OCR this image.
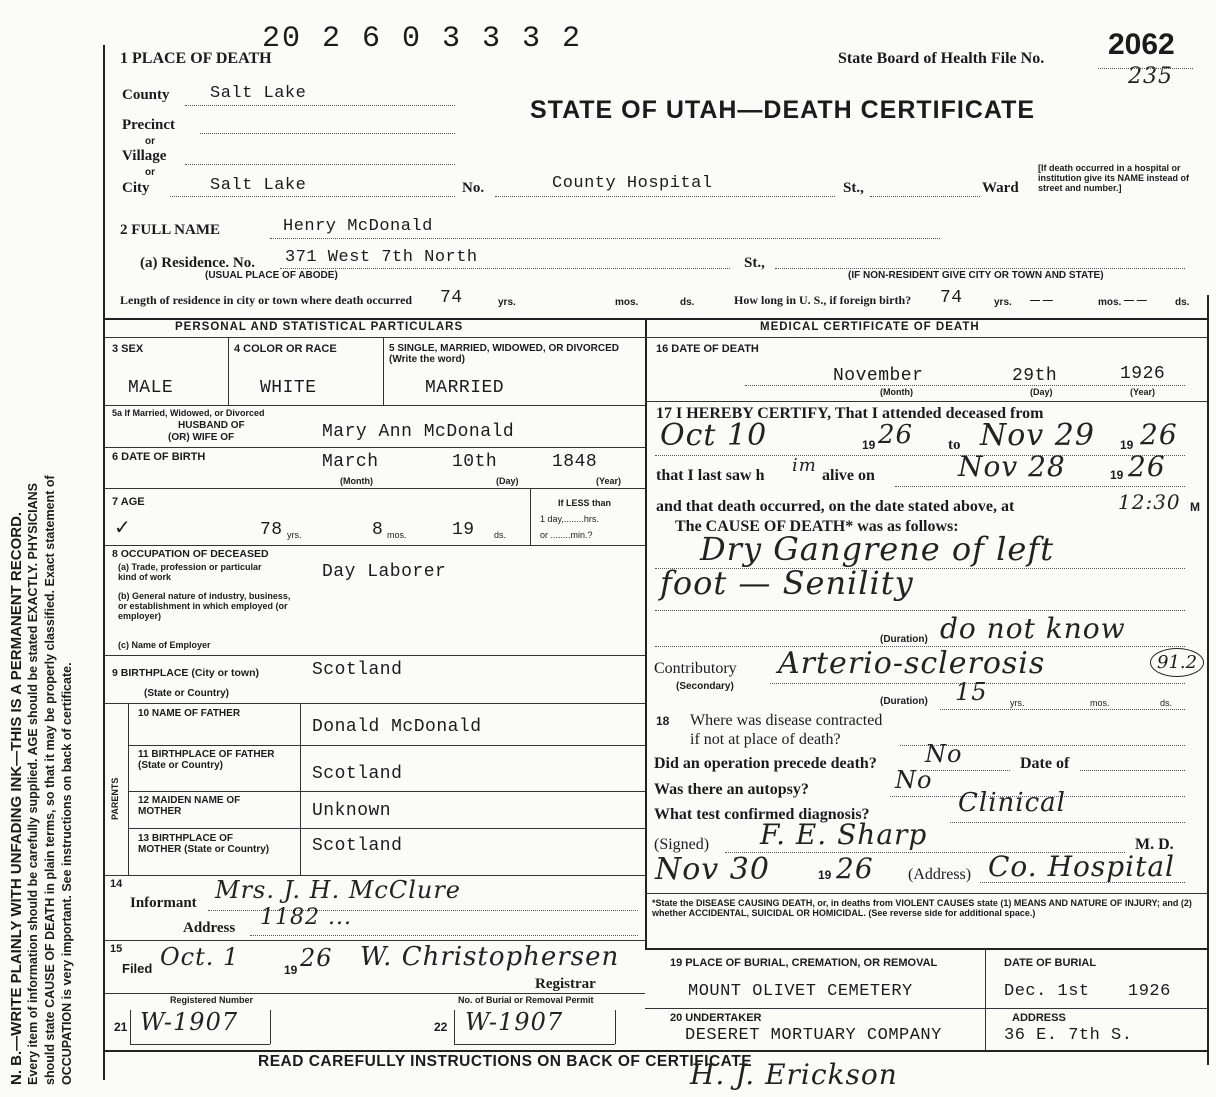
N. B.—WRITE PLAINLY WITH UNFADING INK—THIS IS A PERMANENT RECORD. Every item of information should be carefully supplied. AGE should be stated EXACTLY. PHYSICIANS should state CAUSE OF DEATH in plain terms, so that it may be properly classified. Exact statement of OCCUPATION is very important. See instructions on back of certificate.
1 PLACE OF DEATH
20 2 6 0 3 3 3 2
State Board of Health File No. 2062
235
STATE OF UTAH—DEATH CERTIFICATE
County Salt Lake
Precinct
or
Village
or
City	Salt Lake	No.	County Hospital	St.,	Ward
[If death occurred in a hospital or institution give its NAME instead of street and number.]
2 FULL NAME	Henry McDonald
(a) Residence. No. 371 West 7th North	St.,
(USUAL PLACE OF ABODE)	(IF NON-RESIDENT GIVE CITY OR TOWN AND STATE)
Length of residence in city or town where death occurred 74	yrs.	mos.	ds.	How long in U. S., if foreign birth? 74	yrs. — —	mos. — —	ds.
PERSONAL AND STATISTICAL PARTICULARS	MEDICAL CERTIFICATE OF DEATH
3 SEX
MALE
4 COLOR OR RACE
WHITE
5 SINGLE, MARRIED, WIDOWED, OR DIVORCED (Write the word)
MARRIED
5a If Married, Widowed, or Divorced
HUSBAND OF
(OR) WIFE OF	Mary Ann McDonald
6 DATE OF BIRTH	March	10th	1848
(Month)	(Day)	(Year)
7 AGE
✓	78 yrs.	8 mos.	19 ds.
If LESS than
1 day,........hrs.
or ........min.?
8 OCCUPATION OF DECEASED
(a) Trade, profession or particular kind of work	Day Laborer
(b) General nature of industry, business, or establishment in which employed (or employer)
(c) Name of Employer
9 BIRTHPLACE (City or town)	Scotland
(State or Country)
PARENTS
10 NAME OF FATHER
Donald McDonald
11 BIRTHPLACE OF FATHER (State or Country)	Scotland
12 MAIDEN NAME OF MOTHER	Unknown
13 BIRTHPLACE OF MOTHER (State or Country)	Scotland
14
Informant Mrs. J. H. McClure
Address 1182 ...
15
Filed Oct. 1	19 26 W. Christophersen
Registrar
Registered Number	No. of Burial or Removal Permit
21 W-1907	22 W-1907
16 DATE OF DEATH
November	29th	1926
(Month)	(Day)	(Year)
17 I HEREBY CERTIFY, That I attended deceased from
Oct 10	19 26 to Nov 29 19 26
that I last saw h im alive on	Nov 28	19 26
and that death occurred, on the date stated above, at	12:30 M
The CAUSE OF DEATH* was as follows:
Dry Gangrene of left
foot — Senility
(Duration) do not know
Contributory
(Secondary)
Arterio-sclerosis	91.2
(Duration) 15 yrs.	mos.	ds.
18 Where was disease contracted
if not at place of death?
Did an operation precede death? No	Date of
Was there an autopsy?	No
What test confirmed diagnosis?	Clinical
(Signed) F. E. Sharp	M. D.
Nov 30	19 26 (Address) Co. Hospital
*State the DISEASE CAUSING DEATH, or, in deaths from VIOLENT CAUSES state (1) MEANS AND NATURE OF INJURY; and (2) whether ACCIDENTAL, SUICIDAL OR HOMICIDAL. (See reverse side for additional space.)
19 PLACE OF BURIAL, CREMATION, OR REMOVAL	DATE OF BURIAL
MOUNT OLIVET CEMETERY	Dec. 1st 1926
20 UNDERTAKER	ADDRESS
DESERET MORTUARY COMPANY	36 E. 7th S.
READ CAREFULLY INSTRUCTIONS ON BACK OF CERTIFICATE
H. J. Erickson
